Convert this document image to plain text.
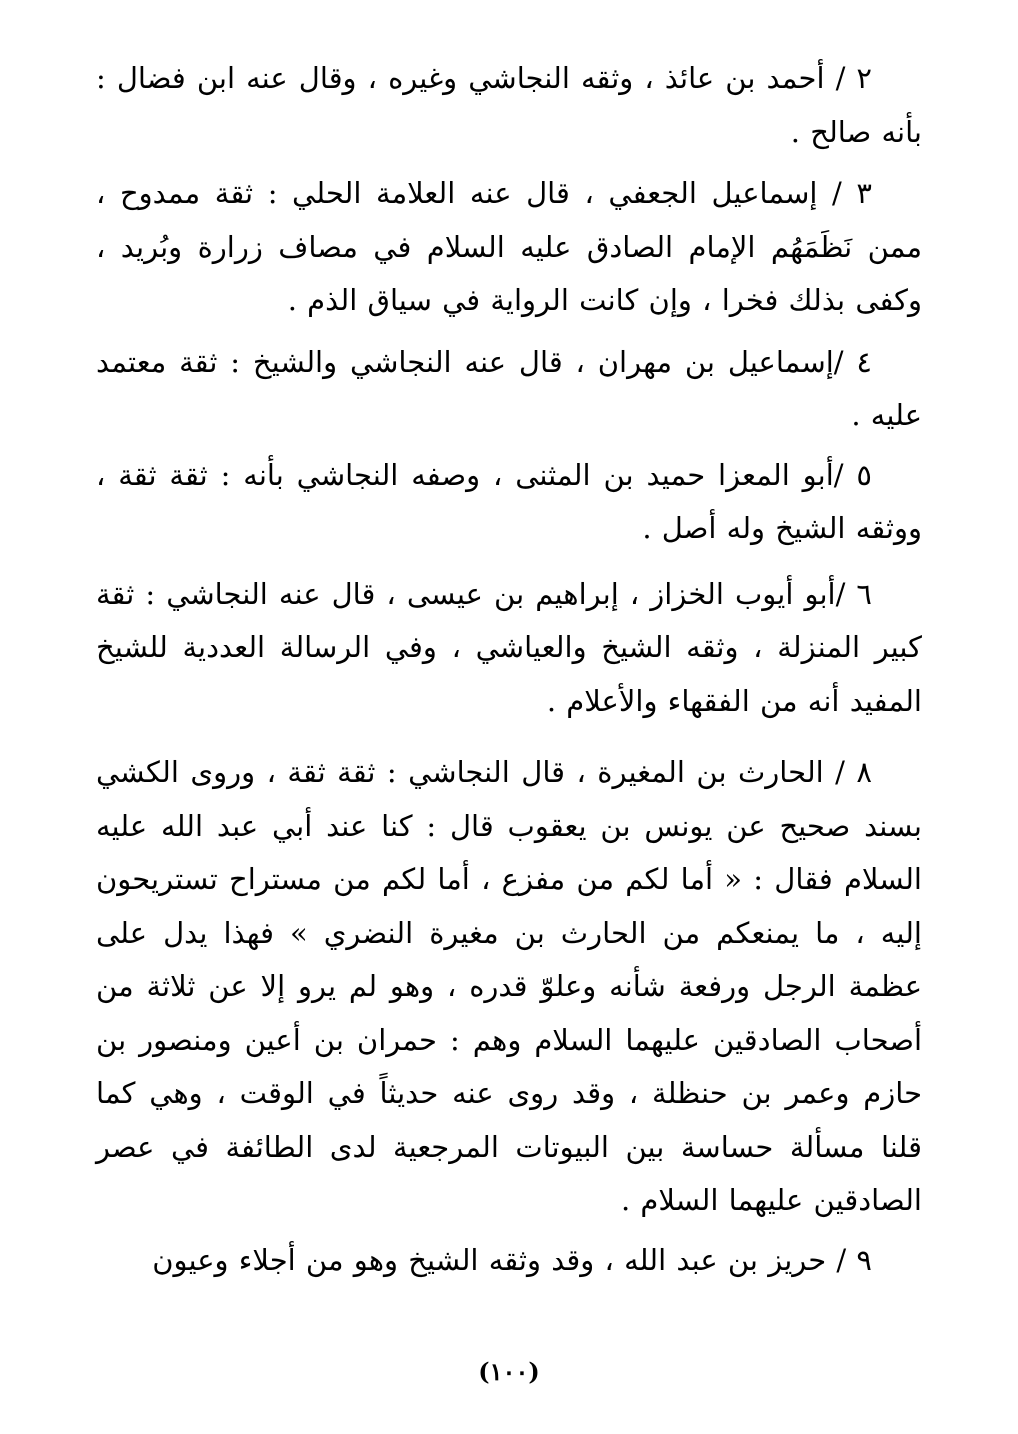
٢ / أحمد بن عائذ ، وثقه النجاشي وغيره ، وقال عنه ابن فضال : بأنه صالح .

٣ / إسماعيل الجعفي ، قال عنه العلامة الحلي : ثقة ممدوح ، ممن نَظَمَهُم الإمام الصادق عليه السلام في مصاف زرارة وبُريد ، وكفى بذلك فخرا ، وإن كانت الرواية في سياق الذم .

٤ /إسماعيل بن مهران ، قال عنه النجاشي والشيخ : ثقة معتمد عليه .

٥ /أبو المعزا حميد بن المثنى ، وصفه النجاشي بأنه : ثقة ثقة ، ووثقه الشيخ وله أصل .

٦ /أبو أيوب الخزاز ، إبراهيم بن عيسى ، قال عنه النجاشي : ثقة كبير المنزلة ، وثقه الشيخ والعياشي ، وفي الرسالة العددية للشيخ المفيد أنه من الفقهاء والأعلام .

٨ / الحارث بن المغيرة ، قال النجاشي : ثقة ثقة ، وروى الكشي بسند صحيح عن يونس بن يعقوب قال : كنا عند أبي عبد الله عليه السلام فقال : « أما لكم من مفزع ، أما لكم من مستراح تستريحون إليه ، ما يمنعكم من الحارث بن مغيرة النضري » فهذا يدل على عظمة الرجل ورفعة شأنه وعلوّ قدره ، وهو لم يرو إلا عن ثلاثة من أصحاب الصادقين عليهما السلام وهم : حمران بن أعين ومنصور بن حازم وعمر بن حنظلة ، وقد روى عنه حديثاً في الوقت ، وهي كما قلنا مسألة حساسة بين البيوتات المرجعية لدى الطائفة في عصر الصادقين عليهما السلام .

٩ / حريز بن عبد الله ، وقد وثقه الشيخ وهو من أجلاء وعيون

(١٠٠)
